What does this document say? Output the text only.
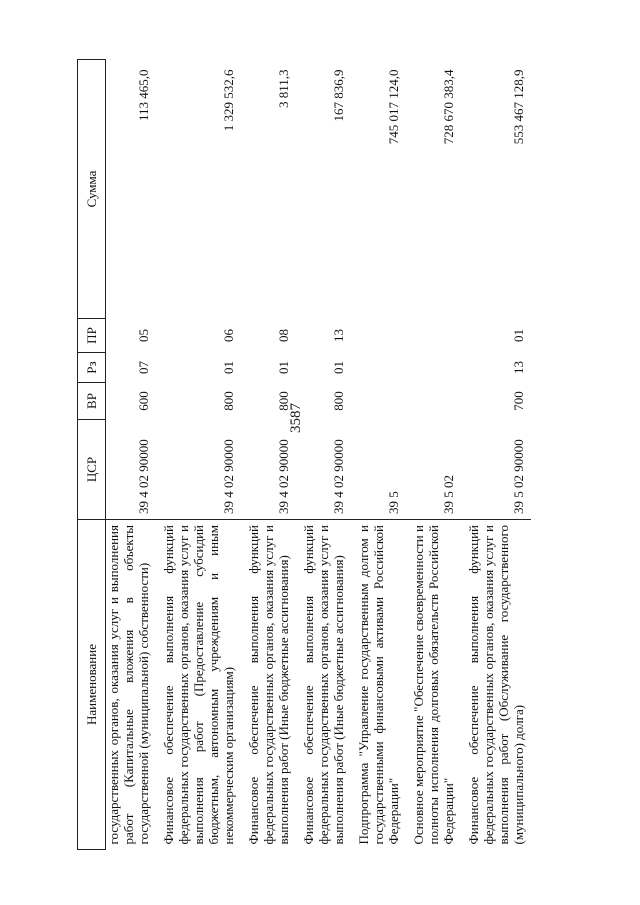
3587
Наименование	ЦСР	ВР	Рз	ПР	Сумма
государственных органов, оказания услуг и выполнения работ (Капитальные вложения в объекты государственной (муниципальной) собственности)	39 4 02 90000	600	07	05	113 465,0
Финансовое обеспечение выполнения функций федеральных государственных органов, оказания услуг и выполнения работ (Предоставление субсидий бюджетным, автономным учреждениям и иным некоммерческим организациям)	39 4 02 90000	800	01	06	1 329 532,6
Финансовое обеспечение выполнения функций федеральных государственных органов, оказания услуг и выполнения работ (Иные бюджетные ассигнования)	39 4 02 90000	800	01	08	3 811,3
Финансовое обеспечение выполнения функций федеральных государственных органов, оказания услуг и выполнения работ (Иные бюджетные ассигнования)	39 4 02 90000	800	01	13	167 836,9
Подпрограмма "Управление государственным долгом и государственными финансовыми активами Российской Федерации"	39 5				745 017 124,0
Основное мероприятие "Обеспечение своевременности и полноты исполнения долговых обязательств Российской Федерации"	39 5 02				728 670 383,4
Финансовое обеспечение выполнения функций федеральных государственных органов, оказания услуг и выполнения работ (Обслуживание государственного (муниципального) долга)	39 5 02 90000	700	13	01	553 467 128,9
